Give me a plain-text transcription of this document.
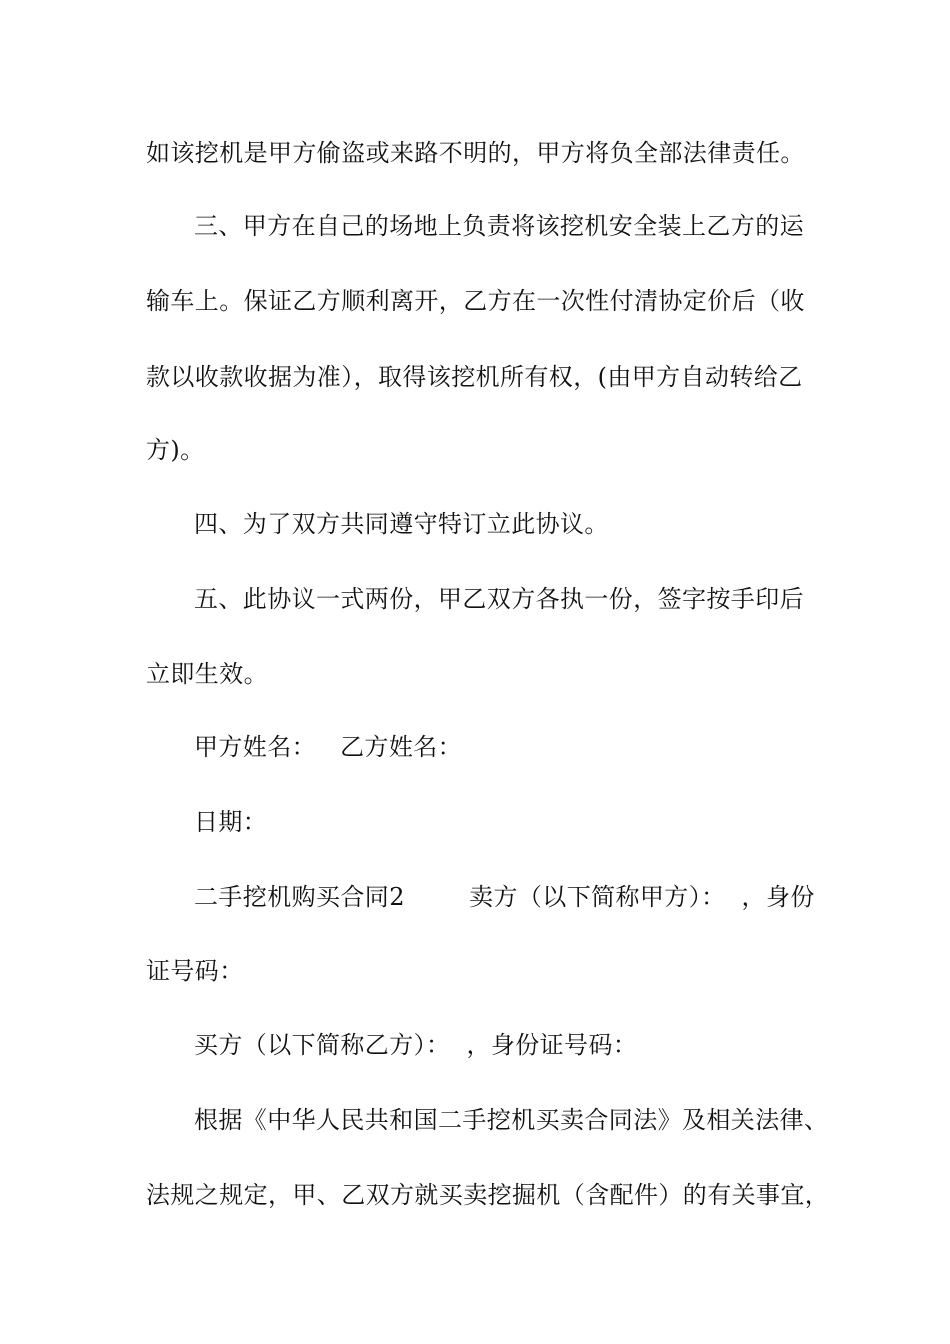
如该挖机是甲方偷盗或来路不明的，甲方将负全部法律责任。
三、甲方在自己的场地上负责将该挖机安全装上乙方的运
输车上。保证乙方顺利离开，乙方在一次性付清协定价后（收
款以收款收据为准），取得该挖机所有权，(由甲方自动转给乙
方)。
四、为了双方共同遵守特订立此协议。
五、此协议一式两份，甲乙双方各执一份，签字按手印后
立即生效。
甲方姓名：   乙方姓名：
日期：
二手挖机购买合同2        卖方（以下简称甲方）：  ，身份
证号码：
买方（以下简称乙方）：  ，身份证号码：
根据《中华人民共和国二手挖机买卖合同法》及相关法律、
法规之规定，甲、乙双方就买卖挖掘机（含配件）的有关事宜，
